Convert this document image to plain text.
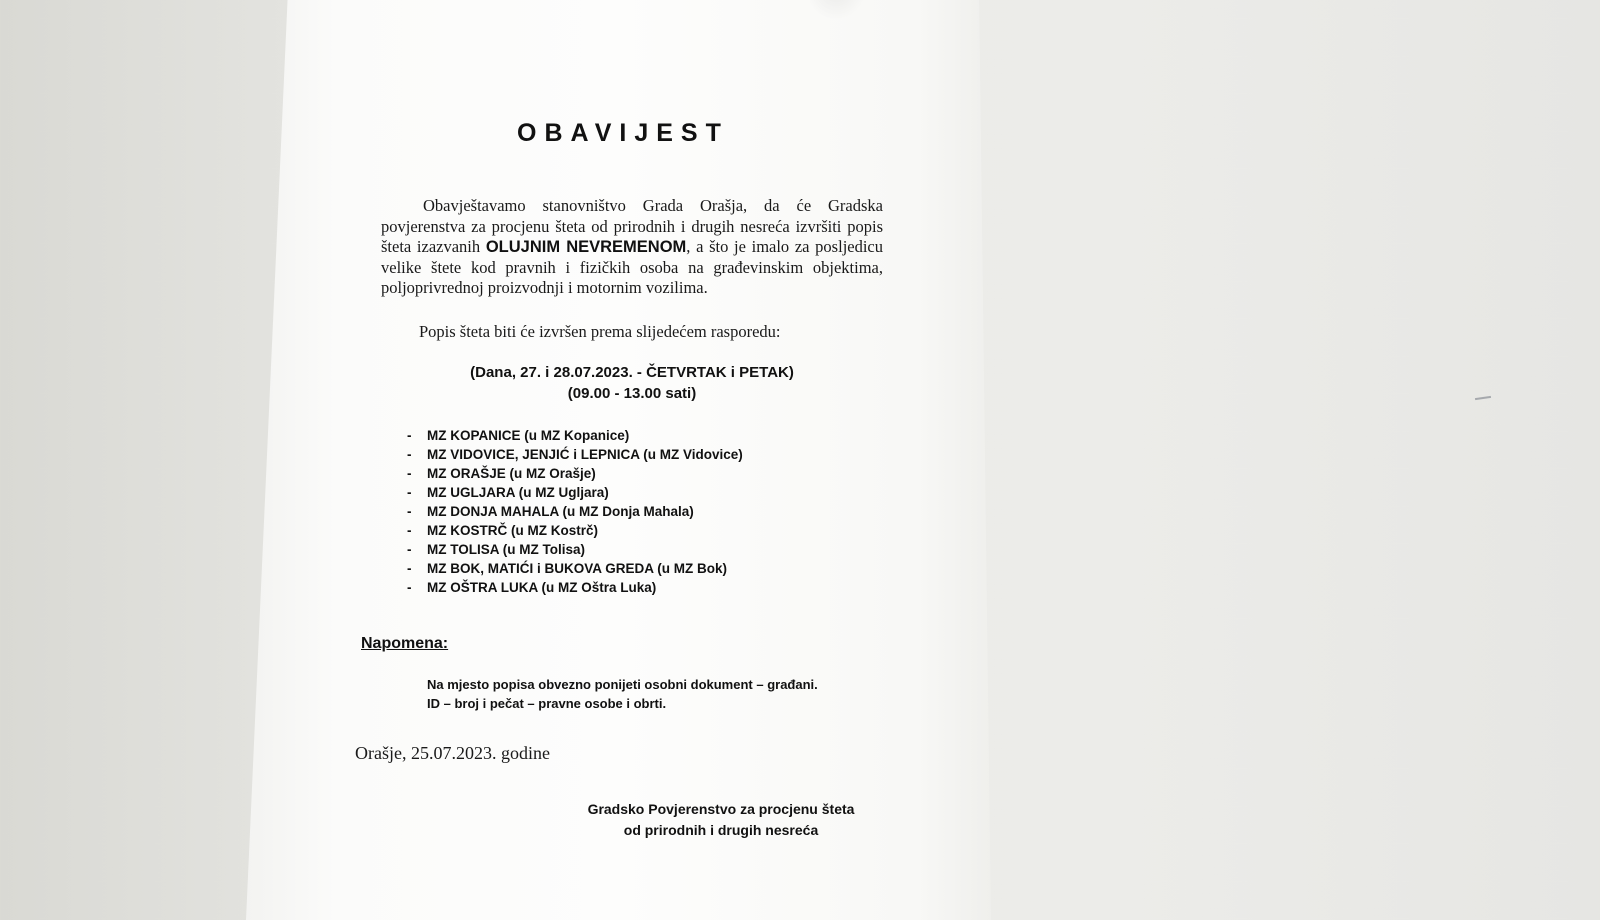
OBAVIJEST

Obavještavamo stanovništvo Grada Orašja, da će Gradska povjerenstva za procjenu šteta od prirodnih i drugih nesreća izvršiti popis šteta izazvanih OLUJNIM NEVREMENOM, a što je imalo za posljedicu velike štete kod pravnih i fizičkih osoba na građevinskim objektima, poljoprivrednoj proizvodnji i motornim vozilima.

Popis šteta biti će izvršen prema slijedećem rasporedu:

(Dana, 27. i 28.07.2023. - ČETVRTAK i PETAK)
(09.00 - 13.00 sati)
- MZ KOPANICE (u MZ Kopanice)
- MZ VIDOVICE, JENJIĆ i LEPNICA (u MZ Vidovice)
- MZ ORAŠJE (u MZ Orašje)
- MZ UGLJARA (u MZ Ugljara)
- MZ DONJA MAHALA (u MZ Donja Mahala)
- MZ KOSTRČ (u MZ Kostrč)
- MZ TOLISA (u MZ Tolisa)
- MZ BOK, MATIĆI i BUKOVA GREDA (u MZ Bok)
- MZ OŠTRA LUKA (u MZ Oštra Luka)

Napomena:

Na mjesto popisa obvezno ponijeti osobni dokument – građani.
ID – broj i pečat – pravne osobe i obrti.

Orašje, 25.07.2023. godine

Gradsko Povjerenstvo za procjenu šteta
od prirodnih i drugih nesreća
